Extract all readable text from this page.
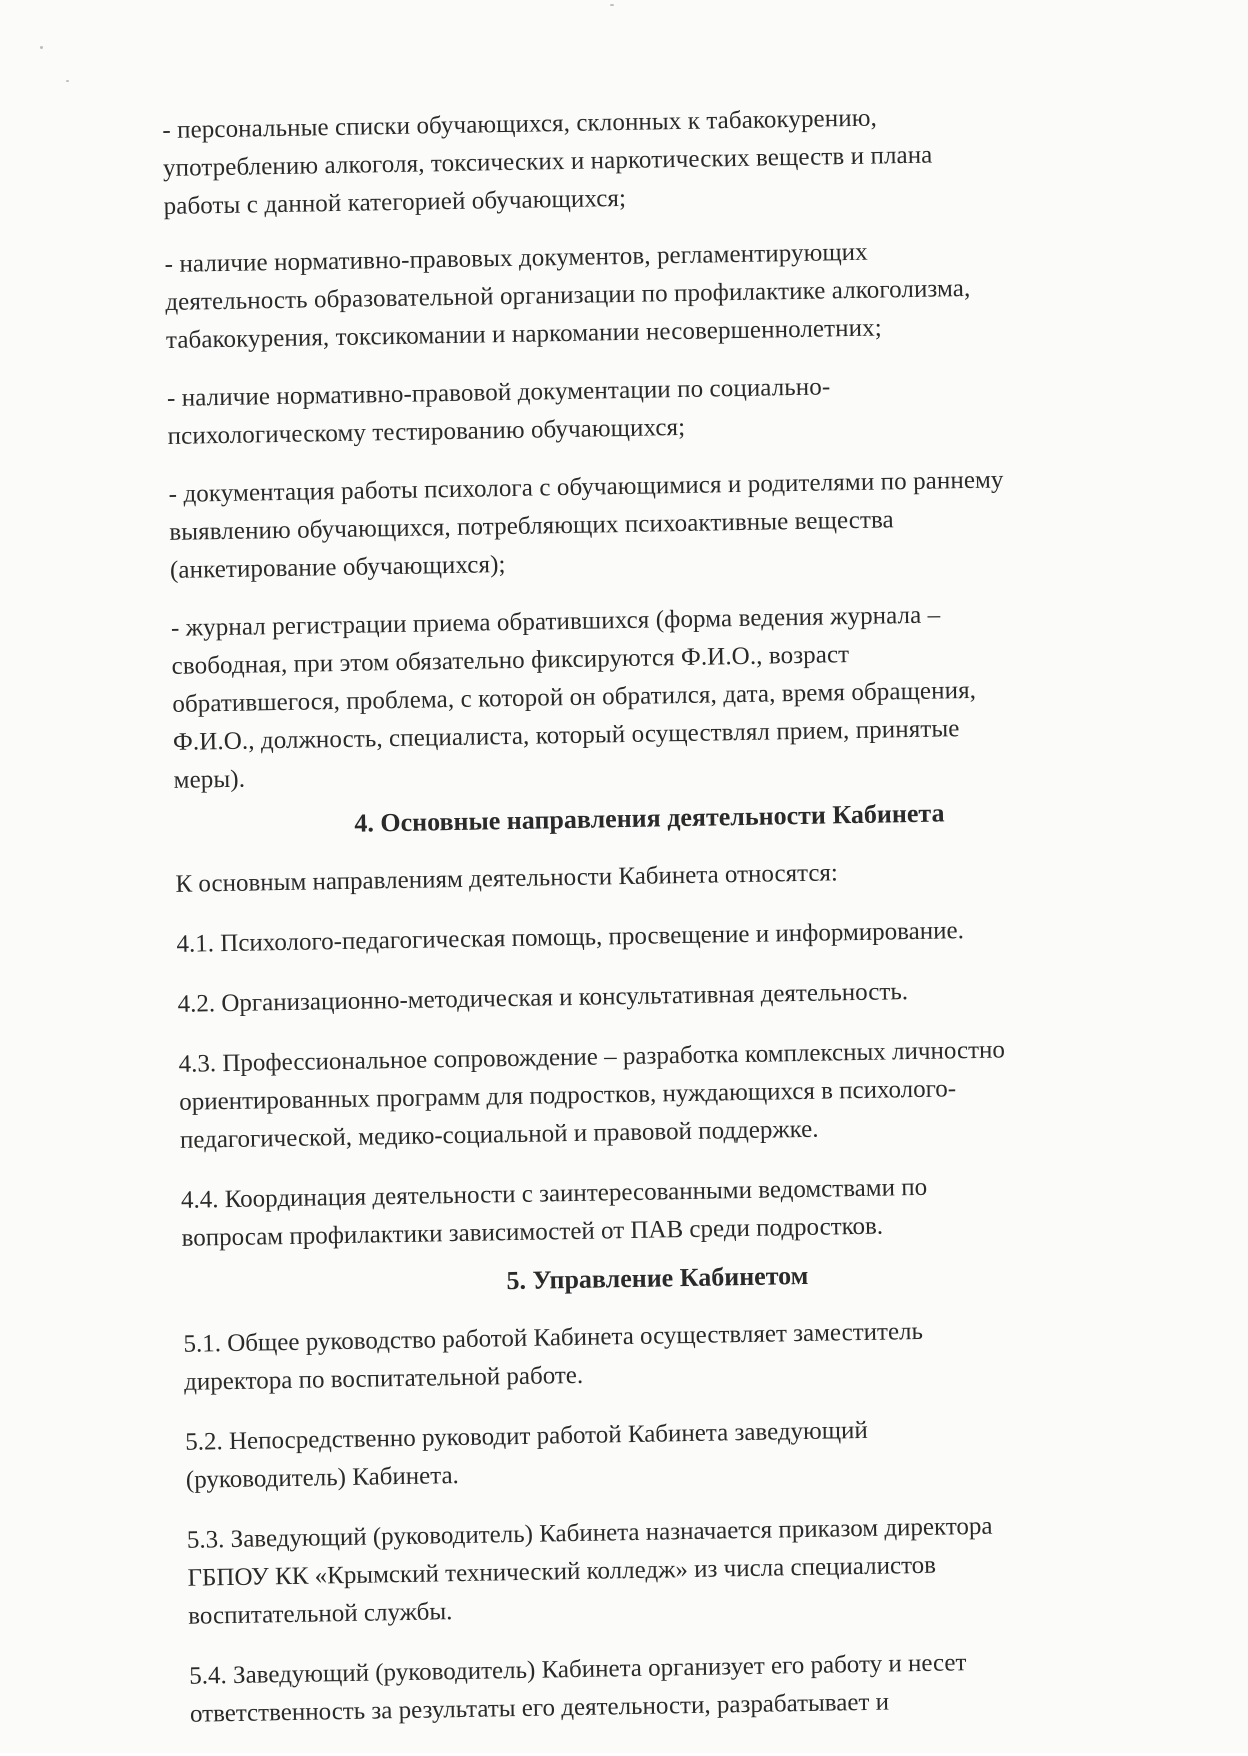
- персональные списки обучающихся, склонных к табакокурению,
употреблению алкоголя, токсических и наркотических веществ и плана
работы с данной категорией обучающихся;
- наличие нормативно-правовых документов, регламентирующих
деятельность образовательной организации по профилактике алкоголизма,
табакокурения, токсикомании и наркомании несовершеннолетних;
- наличие нормативно-правовой документации по социально-
психологическому тестированию обучающихся;
- документация работы психолога с обучающимися и родителями по раннему
выявлению обучающихся, потребляющих психоактивные вещества
(анкетирование обучающихся);
- журнал регистрации приема обратившихся (форма ведения журнала –
свободная, при этом обязательно фиксируются Ф.И.О., возраст
обратившегося, проблема, с которой он обратился, дата, время обращения,
Ф.И.О., должность, специалиста, который осуществлял прием, принятые
меры).
4. Основные направления деятельности Кабинета
К основным направлениям деятельности Кабинета относятся:
4.1. Психолого-педагогическая помощь, просвещение и информирование.
4.2. Организационно-методическая и консультативная деятельность.
4.3. Профессиональное сопровождение – разработка комплексных личностно
ориентированных программ для подростков, нуждающихся в психолого-
педагогической, медико-социальной и правовой поддержке.
4.4. Координация деятельности с заинтересованными ведомствами по
вопросам профилактики зависимостей от ПАВ среди подростков.
5. Управление Кабинетом
5.1. Общее руководство работой Кабинета осуществляет заместитель
директора по воспитательной работе.
5.2. Непосредственно руководит работой Кабинета заведующий
(руководитель) Кабинета.
5.3. Заведующий (руководитель) Кабинета назначается приказом директора
ГБПОУ КК «Крымский технический колледж» из числа специалистов
воспитательной службы.
5.4. Заведующий (руководитель) Кабинета организует его работу и несет
ответственность за результаты его деятельности, разрабатывает и
